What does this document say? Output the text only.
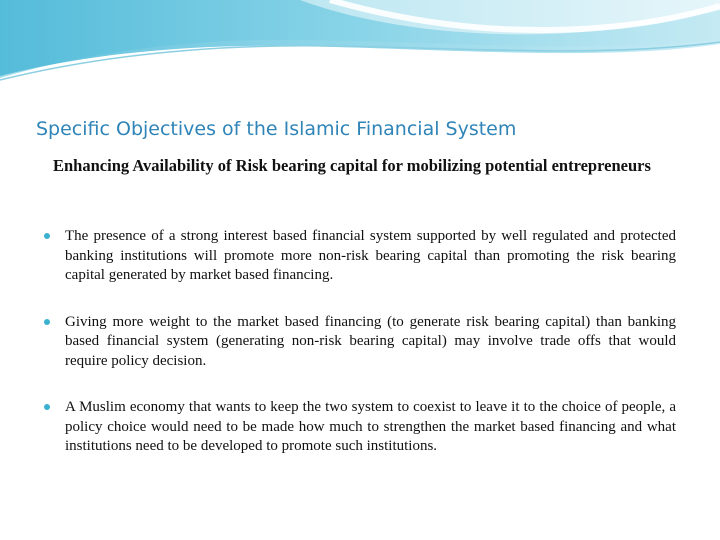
Specific Objectives of the Islamic Financial System
Enhancing Availability of Risk bearing capital for mobilizing potential entrepreneurs
The presence of a strong interest based financial system supported by well regulated and protected banking institutions will promote more non-risk bearing capital than promoting the risk bearing capital generated by market based financing.
Giving more weight to the market based financing (to generate risk bearing capital) than banking based financial system (generating non-risk bearing capital) may involve trade offs that would require policy decision.
A Muslim economy that wants to keep the two system to coexist to leave it to the choice of people, a policy choice would need to be made how much to strengthen the market based financing and what institutions need to be developed to promote such institutions.
